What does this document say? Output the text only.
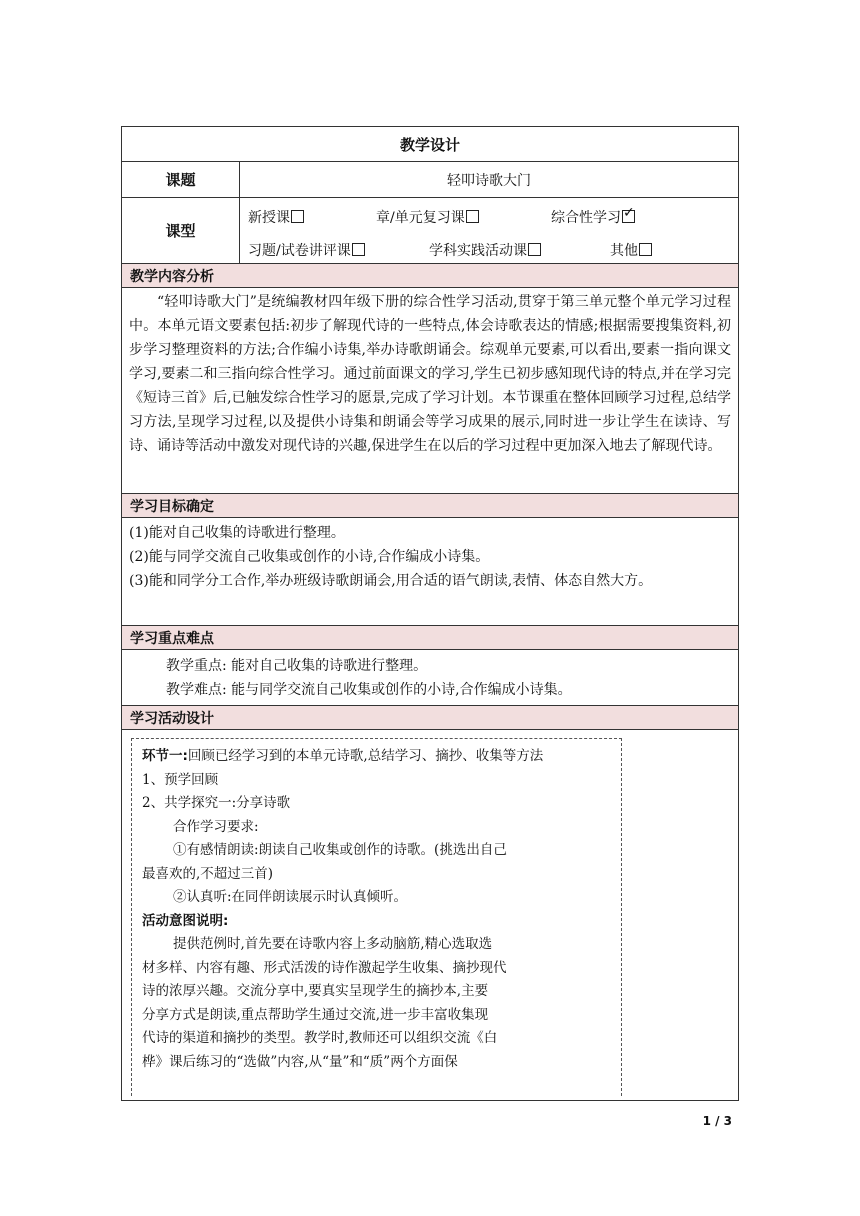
教学设计
课题	轻叩诗歌大门
课型
新授课	章/单元复习课	综合性学习✓
习题/试卷讲评课	学科实践活动课	其他
教学内容分析
“轻叩诗歌大门”是统编教材四年级下册的综合性学习活动,贯穿于第三单元整个单元学习过程中。本单元语文要素包括:初步了解现代诗的一些特点,体会诗歌表达的情感;根据需要搜集资料,初步学习整理资料的方法;合作编小诗集,举办诗歌朗诵会。综观单元要素,可以看出,要素一指向课文学习,要素二和三指向综合性学习。通过前面课文的学习,学生已初步感知现代诗的特点,并在学习完《短诗三首》后,已触发综合性学习的愿景,完成了学习计划。本节课重在整体回顾学习过程,总结学习方法,呈现学习过程,以及提供小诗集和朗诵会等学习成果的展示,同时进一步让学生在读诗、写诗、诵诗等活动中激发对现代诗的兴趣,保进学生在以后的学习过程中更加深入地去了解现代诗。
学习目标确定
(1)能对自己收集的诗歌进行整理。
(2)能与同学交流自己收集或创作的小诗,合作编成小诗集。
(3)能和同学分工合作,举办班级诗歌朗诵会,用合适的语气朗读,表情、体态自然大方。
学习重点难点
教学重点: 能对自己收集的诗歌进行整理。
教学难点: 能与同学交流自己收集或创作的小诗,合作编成小诗集。
学习活动设计
环节一:回顾已经学习到的本单元诗歌,总结学习、摘抄、收集等方法
1、预学回顾
2、共学探究一:分享诗歌
合作学习要求:
①有感情朗读:朗读自己收集或创作的诗歌。(挑选出自己
最喜欢的,不超过三首)
②认真听:在同伴朗读展示时认真倾听。
活动意图说明:
提供范例时,首先要在诗歌内容上多动脑筋,精心选取选
材多样、内容有趣、形式活泼的诗作激起学生收集、摘抄现代
诗的浓厚兴趣。交流分享中,要真实呈现学生的摘抄本,主要
分享方式是朗读,重点帮助学生通过交流,进一步丰富收集现
代诗的渠道和摘抄的类型。教学时,教师还可以组织交流《白
桦》课后练习的“选做”内容,从“量”和“质”两个方面保
1 / 3
